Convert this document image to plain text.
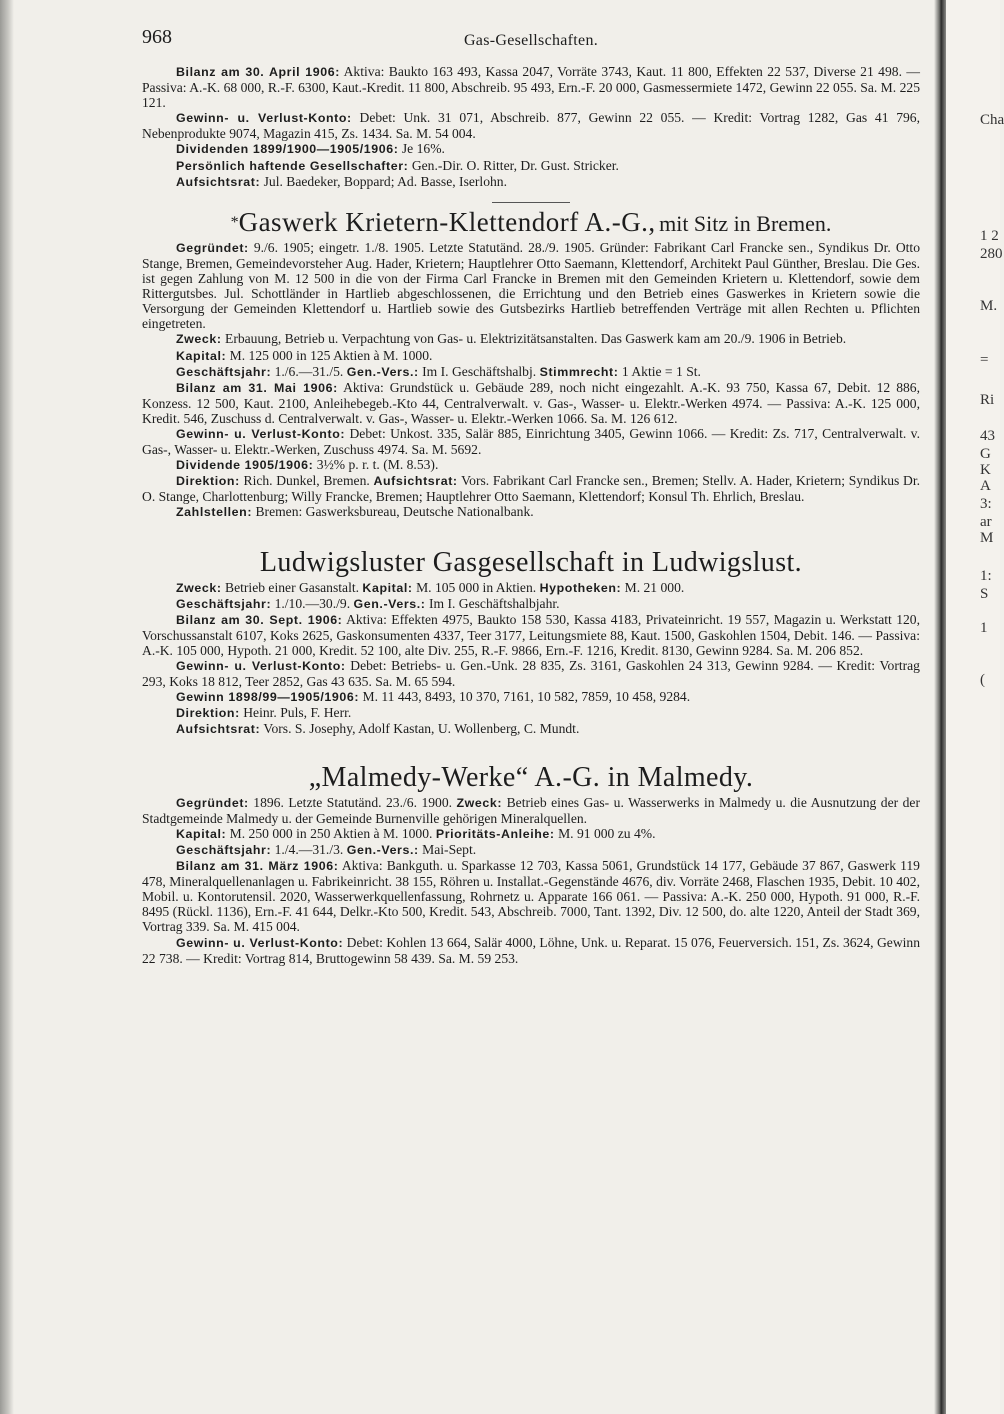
Cha
1 2
280
M.
=
Ri
43
G
K
A
3:
ar
M
1:
S
1
(
968	Gas-Gesellschaften.

Bilanz am 30. April 1906: Aktiva: Baukto 163 493, Kassa 2047, Vorräte 3743, Kaut. 11 800, Effekten 22 537, Diverse 21 498. — Passiva: A.-K. 68 000, R.-F. 6300, Kaut.-Kredit. 11 800, Abschreib. 95 493, Ern.-F. 20 000, Gasmessermiete 1472, Gewinn 22 055. Sa. M. 225 121.

Gewinn- u. Verlust-Konto: Debet: Unk. 31 071, Abschreib. 877, Gewinn 22 055. — Kredit: Vortrag 1282, Gas 41 796, Nebenprodukte 9074, Magazin 415, Zs. 1434. Sa. M. 54 004.

Dividenden 1899/1900—1905/1906: Je 16%.

Persönlich haftende Gesellschafter: Gen.-Dir. O. Ritter, Dr. Gust. Stricker.

Aufsichtsrat: Jul. Baedeker, Boppard; Ad. Basse, Iserlohn.

*Gaswerk Krietern-Klettendorf A.-G., mit Sitz in Bremen.

Gegründet: 9./6. 1905; eingetr. 1./8. 1905. Letzte Statutänd. 28./9. 1905. Gründer: Fabrikant Carl Francke sen., Syndikus Dr. Otto Stange, Bremen, Gemeindevorsteher Aug. Hader, Krietern; Hauptlehrer Otto Saemann, Klettendorf, Architekt Paul Günther, Breslau. Die Ges. ist gegen Zahlung von M. 12 500 in die von der Firma Carl Francke in Bremen mit den Gemeinden Krietern u. Klettendorf, sowie dem Rittergutsbes. Jul. Schottländer in Hartlieb abgeschlossenen, die Errichtung und den Betrieb eines Gaswerkes in Krietern sowie die Versorgung der Gemeinden Klettendorf u. Hartlieb sowie des Gutsbezirks Hartlieb betreffenden Verträge mit allen Rechten u. Pflichten eingetreten.

Zweck: Erbauung, Betrieb u. Verpachtung von Gas- u. Elektrizitätsanstalten. Das Gaswerk kam am 20./9. 1906 in Betrieb.

Kapital: M. 125 000 in 125 Aktien à M. 1000.

Geschäftsjahr: 1./6.—31./5. Gen.-Vers.: Im I. Geschäftshalbj. Stimmrecht: 1 Aktie = 1 St.

Bilanz am 31. Mai 1906: Aktiva: Grundstück u. Gebäude 289, noch nicht eingezahlt. A.-K. 93 750, Kassa 67, Debit. 12 886, Konzess. 12 500, Kaut. 2100, Anleihebegeb.-Kto 44, Centralverwalt. v. Gas-, Wasser- u. Elektr.-Werken 4974. — Passiva: A.-K. 125 000, Kredit. 546, Zuschuss d. Centralverwalt. v. Gas-, Wasser- u. Elektr.-Werken 1066. Sa. M. 126 612.

Gewinn- u. Verlust-Konto: Debet: Unkost. 335, Salär 885, Einrichtung 3405, Gewinn 1066. — Kredit: Zs. 717, Centralverwalt. v. Gas-, Wasser- u. Elektr.-Werken, Zuschuss 4974. Sa. M. 5692.

Dividende 1905/1906: 3½% p. r. t. (M. 8.53).

Direktion: Rich. Dunkel, Bremen. Aufsichtsrat: Vors. Fabrikant Carl Francke sen., Bremen; Stellv. A. Hader, Krietern; Syndikus Dr. O. Stange, Charlottenburg; Willy Francke, Bremen; Hauptlehrer Otto Saemann, Klettendorf; Konsul Th. Ehrlich, Breslau.

Zahlstellen: Bremen: Gaswerksbureau, Deutsche Nationalbank.

Ludwigsluster Gasgesellschaft in Ludwigslust.

Zweck: Betrieb einer Gasanstalt. Kapital: M. 105 000 in Aktien. Hypotheken: M. 21 000.

Geschäftsjahr: 1./10.—30./9. Gen.-Vers.: Im I. Geschäftshalbjahr.

Bilanz am 30. Sept. 1906: Aktiva: Effekten 4975, Baukto 158 530, Kassa 4183, Privateinricht. 19 557, Magazin u. Werkstatt 120, Vorschussanstalt 6107, Koks 2625, Gaskonsumenten 4337, Teer 3177, Leitungsmiete 88, Kaut. 1500, Gaskohlen 1504, Debit. 146. — Passiva: A.-K. 105 000, Hypoth. 21 000, Kredit. 52 100, alte Div. 255, R.-F. 9866, Ern.-F. 1216, Kredit. 8130, Gewinn 9284. Sa. M. 206 852.

Gewinn- u. Verlust-Konto: Debet: Betriebs- u. Gen.-Unk. 28 835, Zs. 3161, Gaskohlen 24 313, Gewinn 9284. — Kredit: Vortrag 293, Koks 18 812, Teer 2852, Gas 43 635. Sa. M. 65 594.

Gewinn 1898/99—1905/1906: M. 11 443, 8493, 10 370, 7161, 10 582, 7859, 10 458, 9284.

Direktion: Heinr. Puls, F. Herr.

Aufsichtsrat: Vors. S. Josephy, Adolf Kastan, U. Wollenberg, C. Mundt.

„Malmedy-Werke“ A.-G. in Malmedy.

Gegründet: 1896. Letzte Statutänd. 23./6. 1900. Zweck: Betrieb eines Gas- u. Wasserwerks in Malmedy u. die Ausnutzung der der Stadtgemeinde Malmedy u. der Gemeinde Burnenville gehörigen Mineralquellen.

Kapital: M. 250 000 in 250 Aktien à M. 1000. Prioritäts-Anleihe: M. 91 000 zu 4%.

Geschäftsjahr: 1./4.—31./3. Gen.-Vers.: Mai-Sept.

Bilanz am 31. März 1906: Aktiva: Bankguth. u. Sparkasse 12 703, Kassa 5061, Grundstück 14 177, Gebäude 37 867, Gaswerk 119 478, Mineralquellenanlagen u. Fabrikeinricht. 38 155, Röhren u. Installat.-Gegenstände 4676, div. Vorräte 2468, Flaschen 1935, Debit. 10 402, Mobil. u. Kontorutensil. 2020, Wasserwerkquellenfassung, Rohrnetz u. Apparate 166 061. — Passiva: A.-K. 250 000, Hypoth. 91 000, R.-F. 8495 (Rückl. 1136), Ern.-F. 41 644, Delkr.-Kto 500, Kredit. 543, Abschreib. 7000, Tant. 1392, Div. 12 500, do. alte 1220, Anteil der Stadt 369, Vortrag 339. Sa. M. 415 004.

Gewinn- u. Verlust-Konto: Debet: Kohlen 13 664, Salär 4000, Löhne, Unk. u. Reparat. 15 076, Feuerversich. 151, Zs. 3624, Gewinn 22 738. — Kredit: Vortrag 814, Bruttogewinn 58 439. Sa. M. 59 253.
